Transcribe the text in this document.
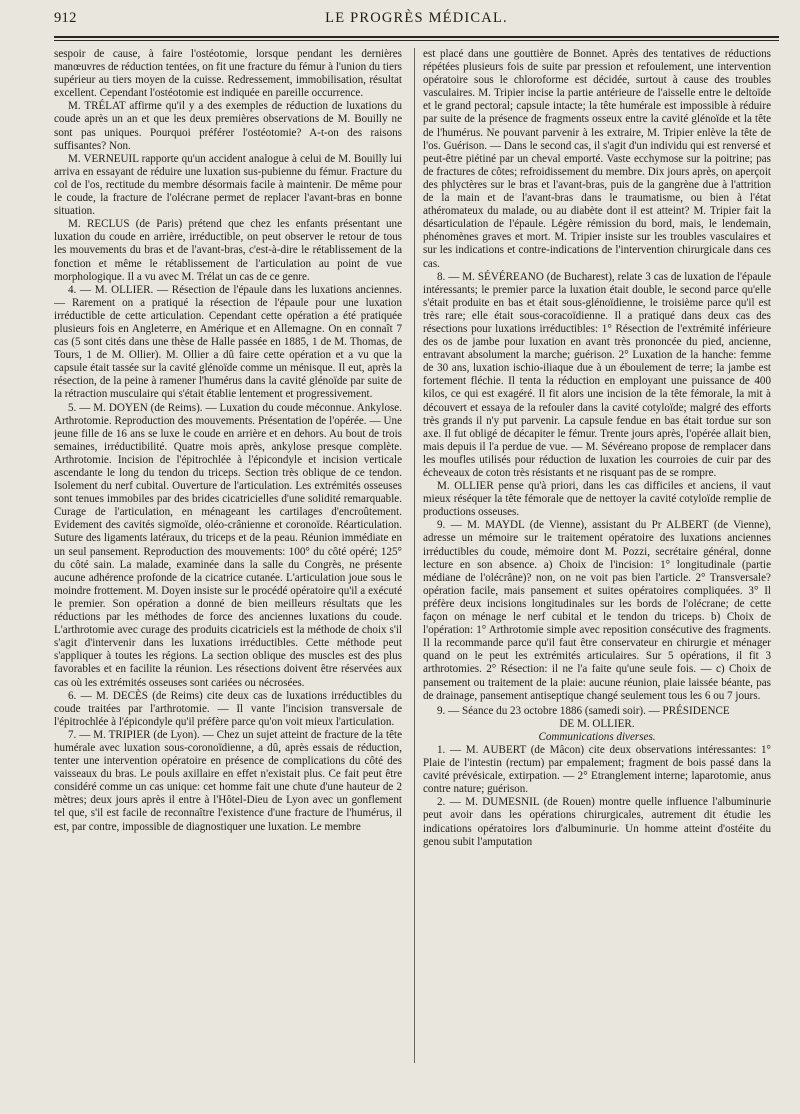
912	LE PROGRÈS MÉDICAL.

sespoir de cause, à faire l'ostéotomie, lorsque pendant les dernières manœuvres de réduction tentées, on fit une fracture du fémur à l'union du tiers supérieur au tiers moyen de la cuisse. Redressement, immobilisation, résultat excellent. Cependant l'ostéotomie est indiquée en pareille occurrence.

M. TRÉLAT affirme qu'il y a des exemples de réduction de luxations du coude après un an et que les deux premières observations de M. Bouilly ne sont pas uniques. Pourquoi préférer l'ostéotomie? A-t-on des raisons suffisantes? Non.

M. VERNEUIL rapporte qu'un accident analogue à celui de M. Bouilly lui arriva en essayant de réduire une luxation sus-pubienne du fémur. Fracture du col de l'os, rectitude du membre désormais facile à maintenir. De même pour le coude, la fracture de l'olécrane permet de replacer l'avant-bras en bonne situation.

M. RECLUS (de Paris) prétend que chez les enfants présentant une luxation du coude en arrière, irréductible, on peut observer le retour de tous les mouvements du bras et de l'avant-bras, c'est-à-dire le rétablissement de la fonction et même le rétablissement de l'articulation au point de vue morphologique. Il a vu avec M. Trélat un cas de ce genre.

4. — M. OLLIER. — Résection de l'épaule dans les luxations anciennes. — Rarement on a pratiqué la résection de l'épaule pour une luxation irréductible de cette articulation. Cependant cette opération a été pratiquée plusieurs fois en Angleterre, en Amérique et en Allemagne. On en connaît 7 cas (5 sont cités dans une thèse de Halle passée en 1885, 1 de M. Thomas, de Tours, 1 de M. Ollier). M. Ollier a dû faire cette opération et a vu que la capsule était tassée sur la cavité glénoïde comme un ménisque. Il eut, après la résection, de la peine à ramener l'humérus dans la cavité glénoïde par suite de la rétraction musculaire qui s'était établie lentement et progressivement.

5. — M. DOYEN (de Reims). — Luxation du coude méconnue. Ankylose. Arthrotomie. Reproduction des mouvements. Présentation de l'opérée. — Une jeune fille de 16 ans se luxe le coude en arrière et en dehors. Au bout de trois semaines, irréductibilité. Quatre mois après, ankylose presque complète. Arthrotomie. Incision de l'épitrochlée à l'épicondyle et incision verticale ascendante le long du tendon du triceps. Section très oblique de ce tendon. Isolement du nerf cubital. Ouverture de l'articulation. Les extrémités osseuses sont tenues immobiles par des brides cicatricielles d'une solidité remarquable. Curage de l'articulation, en ménageant les cartilages d'encroûtement. Evidement des cavités sigmoïde, oléo-crânienne et coronoïde. Réarticulation. Suture des ligaments latéraux, du triceps et de la peau. Réunion immédiate en un seul pansement. Reproduction des mouvements: 100° du côté opéré; 125° du côté sain. La malade, examinée dans la salle du Congrès, ne présente aucune adhérence profonde de la cicatrice cutanée. L'articulation joue sous le moindre frottement. M. Doyen insiste sur le procédé opératoire qu'il a exécuté le premier. Son opération a donné de bien meilleurs résultats que les réductions par les méthodes de force des anciennes luxations du coude. L'arthrotomie avec curage des produits cicatriciels est la méthode de choix s'il s'agit d'intervenir dans les luxations irréductibles. Cette méthode peut s'appliquer à toutes les régions. La section oblique des muscles est des plus favorables et en facilite la réunion. Les résections doivent être réservées aux cas où les extrémités osseuses sont cariées ou nécrosées.

6. — M. DECÈS (de Reims) cite deux cas de luxations irréductibles du coude traitées par l'arthrotomie. — Il vante l'incision transversale de l'épitrochlée à l'épicondyle qu'il préfère parce qu'on voit mieux l'articulation.

7. — M. TRIPIER (de Lyon). — Chez un sujet atteint de fracture de la tête humérale avec luxation sous-coronoïdienne, a dû, après essais de réduction, tenter une intervention opératoire en présence de complications du côté des vaisseaux du bras. Le pouls axillaire en effet n'existait plus. Ce fait peut être considéré comme un cas unique: cet homme fait une chute d'une hauteur de 2 mètres; deux jours après il entre à l'Hôtel-Dieu de Lyon avec un gonflement tel que, s'il est facile de reconnaître l'existence d'une fracture de l'humérus, il est, par contre, impossible de diagnostiquer une luxation. Le membre

est placé dans une gouttière de Bonnet. Après des tentatives de réductions répétées plusieurs fois de suite par pression et refoulement, une intervention opératoire sous le chloroforme est décidée, surtout à cause des troubles vasculaires. M. Tripier incise la partie antérieure de l'aisselle entre le deltoïde et le grand pectoral; capsule intacte; la tête humérale est impossible à réduire par suite de la présence de fragments osseux entre la cavité glénoïde et la tête de l'humérus. Ne pouvant parvenir à les extraire, M. Tripier enlève la tête de l'os. Guérison. — Dans le second cas, il s'agit d'un individu qui est renversé et peut-être piétiné par un cheval emporté. Vaste ecchymose sur la poitrine; pas de fractures de côtes; refroidissement du membre. Dix jours après, on aperçoit des phlyctères sur le bras et l'avant-bras, puis de la gangrène due à l'attrition de la main et de l'avant-bras dans le traumatisme, ou bien à l'état athéromateux du malade, ou au diabète dont il est atteint? M. Tripier fait la désarticulation de l'épaule. Légère rémission du bord, mais, le lendemain, phénomènes graves et mort. M. Tripier insiste sur les troubles vasculaires et sur les indications et contre-indications de l'intervention chirurgicale dans ces cas.

8. — M. SÉVÉREANO (de Bucharest), relate 3 cas de luxation de l'épaule intéressants; le premier parce la luxation était double, le second parce qu'elle s'était produite en bas et était sous-glénoïdienne, le troisième parce qu'il est très rare; elle était sous-coracoïdienne. Il a pratiqué dans deux cas des résections pour luxations irréductibles: 1° Résection de l'extrémité inférieure des os de jambe pour luxation en avant très prononcée du pied, ancienne, entravant absolument la marche; guérison. 2° Luxation de la hanche: femme de 30 ans, luxation ischio-iliaque due à un éboulement de terre; la jambe est fortement fléchie. Il tenta la réduction en employant une puissance de 400 kilos, ce qui est exagéré. Il fit alors une incision de la tête fémorale, la mit à découvert et essaya de la refouler dans la cavité cotyloïde; malgré des efforts très grands il n'y put parvenir. La capsule fendue en bas était tordue sur son axe. Il fut obligé de décapiter le fémur. Trente jours après, l'opérée allait bien, mais depuis il l'a perdue de vue. — M. Sévéreano propose de remplacer dans les moufles utilisés pour réduction de luxation les courroies de cuir par des écheveaux de coton très résistants et ne risquant pas de se rompre.

M. OLLIER pense qu'à priori, dans les cas difficiles et anciens, il vaut mieux réséquer la tête fémorale que de nettoyer la cavité cotyloïde remplie de productions osseuses.

9. — M. MAYDL (de Vienne), assistant du Pr ALBERT (de Vienne), adresse un mémoire sur le traitement opératoire des luxations anciennes irréductibles du coude, mémoire dont M. Pozzi, secrétaire général, donne lecture en son absence. a) Choix de l'incision: 1° longitudinale (partie médiane de l'olécrâne)? non, on ne voit pas bien l'article. 2° Transversale? opération facile, mais pansement et suites opératoires compliquées. 3° Il préfère deux incisions longitudinales sur les bords de l'olécrane; de cette façon on ménage le nerf cubital et le tendon du triceps. b) Choix de l'opération: 1° Arthrotomie simple avec reposition consécutive des fragments. Il la recommande parce qu'il faut être conservateur en chirurgie et ménager quand on le peut les extrémités articulaires. Sur 5 opérations, il fit 3 arthrotomies. 2° Résection: il ne l'a faite qu'une seule fois. — c) Choix de pansement ou traitement de la plaie: aucune réunion, plaie laissée béante, pas de drainage, pansement antiseptique changé seulement tous les 6 ou 7 jours.

9. — Séance du 23 octobre 1886 (samedi soir). — PRÉSIDENCE

DE M. OLLIER.

Communications diverses.

1. — M. AUBERT (de Mâcon) cite deux observations intéressantes: 1° Plaie de l'intestin (rectum) par empalement; fragment de bois passé dans la cavité prévésicale, extirpation. — 2° Etranglement interne; laparotomie, anus contre nature; guérison.

2. — M. DUMESNIL (de Rouen) montre quelle influence l'albuminurie peut avoir dans les opérations chirurgicales, autrement dit étudie les indications opératoires lors d'albuminurie. Un homme atteint d'ostéite du genou subit l'amputation
